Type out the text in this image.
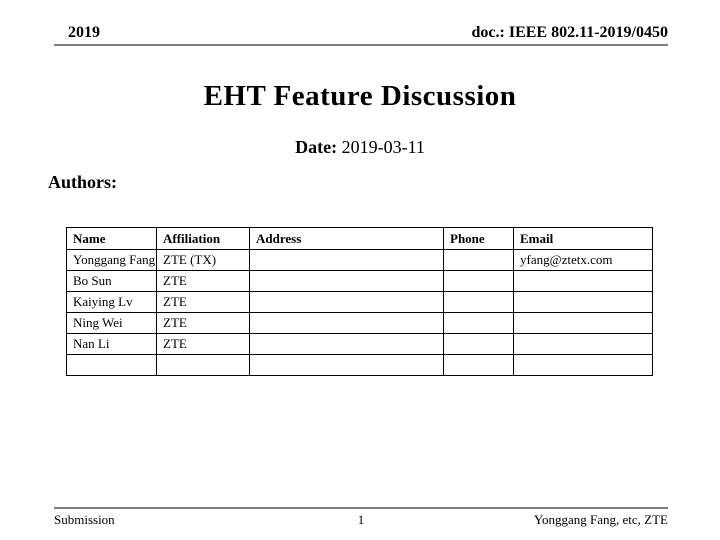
2019	doc.: IEEE 802.11-2019/0450
EHT Feature Discussion
Date: 2019-03-11
Authors:
Name	Affiliation	Address	Phone	Email
Yonggang Fang	ZTE (TX)			yfang@ztetx.com
Bo Sun	ZTE			
Kaiying Lv	ZTE			
Ning Wei	ZTE			
Nan Li	ZTE			

Submission	1	Yonggang Fang, etc, ZTE
